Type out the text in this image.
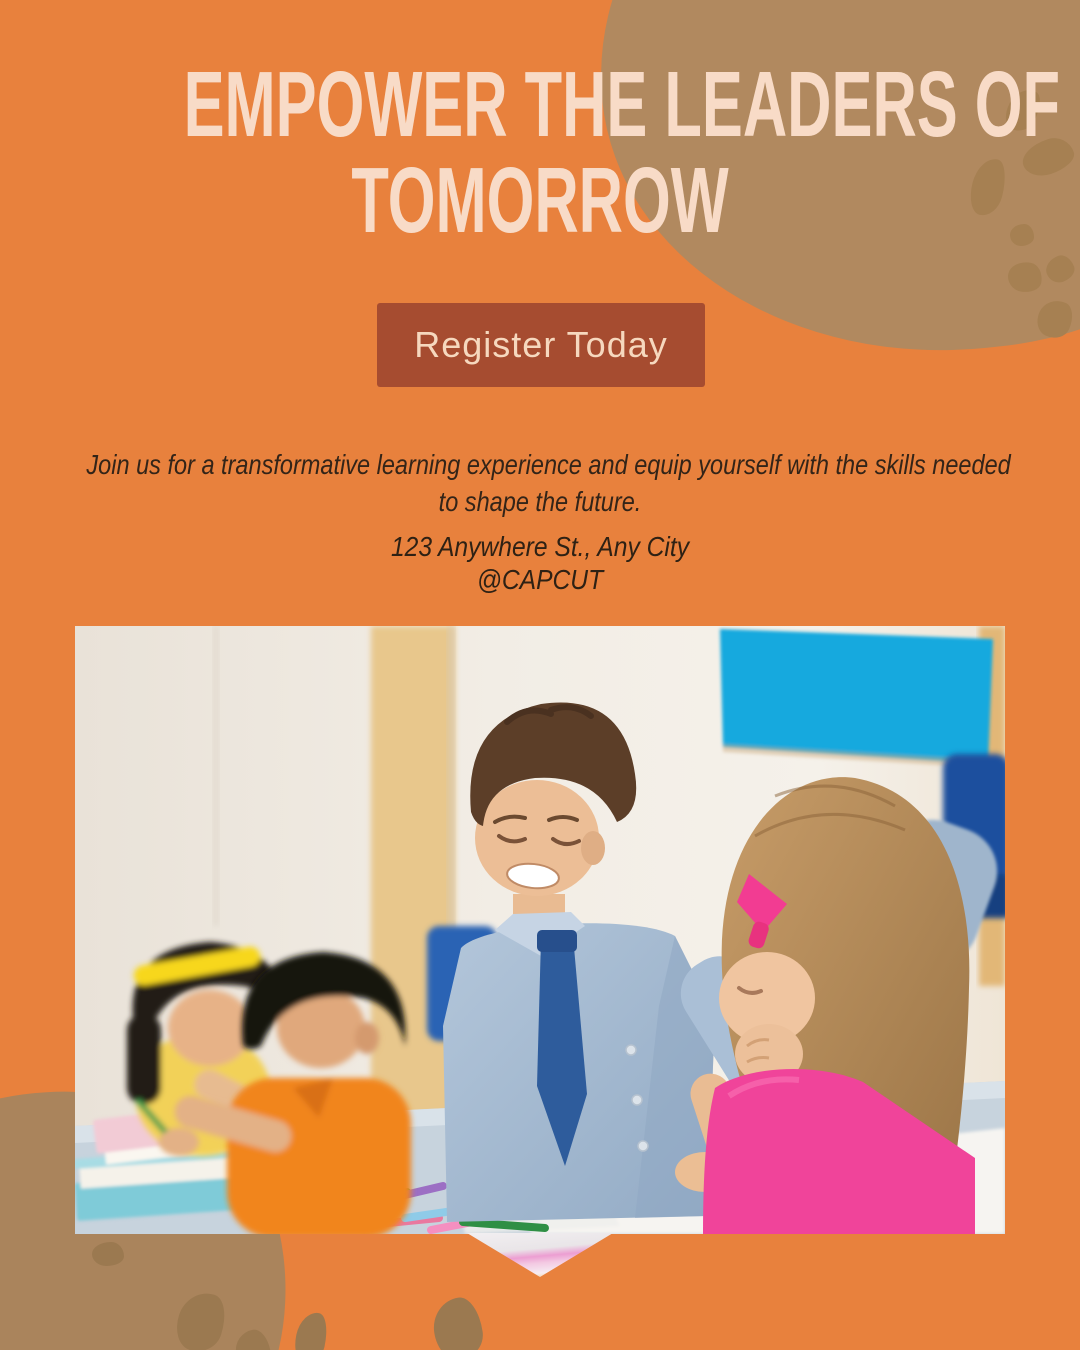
EMPOWER THE LEADERS OF
TOMORROW
Register Today
Join us for a transformative learning experience and equip yourself with the skills needed
to shape the future.
123 Anywhere St., Any City
@CAPCUT
